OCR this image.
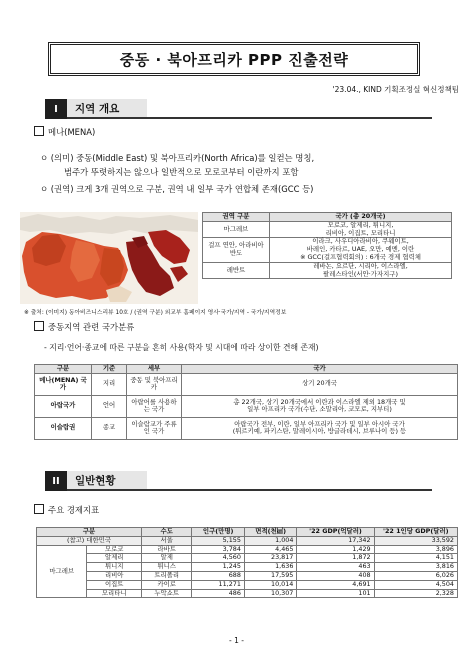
중동 · 북아프리카 PPP 진출전략
'23.04., KIND 기획조정실 혁신정책팀
I	지역 개요
메나(MENA)
ㅇ (의미) 중동(Middle East) 및 북아프리카(North Africa)를 일컫는 명칭,
범주가 뚜렷하지는 않으나 일반적으로 모로코부터 이란까지 포함
ㅇ (권역) 크게 3개 권역으로 구분, 권역 내 일부 국가 연합체 존재(GCC 등)
권역 구분	국가 (총 20개국)
마그레브	모로코, 알제리, 튀니지,
리비아, 이집트, 모리타니

걸프 연안, 아라비아 반도	이라크, 사우디아라비아, 쿠웨이트,
바레인, 카타르, UAE, 오만, 예멘, 이란
※ GCC(걸프협력회의) : 6개국 경제 협력체

레반트	레바논, 요르단, 시리아, 이스라엘,
팔레스타인(서안·가자지구)
※ 출처: (이미지) 동아비즈니스리뷰 10호 / (권역 구분) 외교부 홈페이지 영사·국가/지역 - 국가/지역정보
중동지역 관련 국가분류
- 지리·언어·종교에 따른 구분을 혼히 사용(학자 및 시대에 따라 상이한 견해 존재)
구분	기준	세부	국가
메나(MENA) 국가	지리	중동 및 북아프리카	상기 20개국

아랍국가	언어	아랍어를 사용하는 국가	총 22개국, 상기 20개국에서 이란과 이스라엘 제외 18개국 및
일부 아프리카 국가(수단, 소말리아, 코모로, 지부티)

이슬람권	종교	이슬람교가 주류인 국가	아랍국가 전부, 이란, 일부 아프리카 국가 및 일부 아시아 국가
(튀르키예, 파키스탄, 말레이시아, 방글라데시, 브루나이 등) 등
II	일반현황
주요 경제지표
구분		수도	인구(만명)	면적(천㎢)	'22 GDP(억달러)	'22 1인당 GDP(달러)
(참고) 대한민국		서울	5,155	1,004	17,342	33,592
마그레브	모로코	라바트	3,784	4,465	1,429	3,896
	알제리	알제	4,560	23,817	1,872	4,151
	튀니지	튀니스	1,245	1,636	463	3,816
	리비아	트리폴리	688	17,595	408	6,026
	이집트	카이로	11,271	10,014	4,691	4,504
	모리타니	누악쇼트	486	10,307	101	2,328
- 1 -
